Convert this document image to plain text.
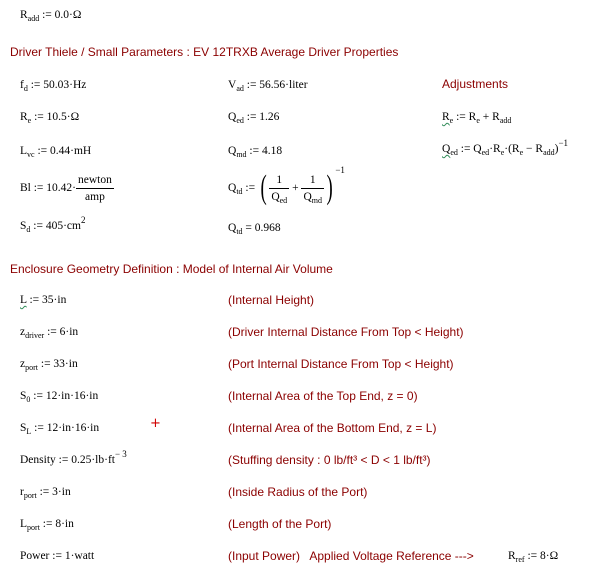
$R_{add}$ := 0.0·Ω
Driver Thiele / Small Parameters : EV 12TRXB Average Driver Properties
$f_d$ := 50.03·Hz
$R_e$ := 10.5·Ω
$L_{vc}$ := 0.44·mH
Bl := $10.42\cdot \frac{\text{newton}}{\text{amp}}$
$S_d$ := $405\cdot cm^2$
$V_{ad}$ := 56.56·liter
$Q_{ed}$ := 1.26
$Q_{md}$ := 4.18
$Q_{td}$ := ( $\frac{1}{Q_{ed}} + \frac{1}{Q_{md}}$ ) $^{-1}$
$Q_{td} = 0.968$
Adjustments
$R_e$ := $R_e + R_{add}$
$Q_{ed}$ := $Q_{ed}\cdot R_e\cdot(R_e - R_{add})^{-1}$
Enclosure Geometry Definition : Model of Internal Air Volume
L := 35·in	(Internal Height)
$z_{driver}$ := 6·in	(Driver Internal Distance From Top < Height)
$z_{port}$ := 33·in	(Port Internal Distance From Top < Height)
$S_0$ := 12·in·16·in	(Internal Area of the Top End, z = 0)
$S_L$ := 12·in·16·in	+	(Internal Area of the Bottom End, z = L)
Density := $0.25\cdot lb\cdot ft^{- 3}$	(Stuffing density : 0 lb/ft³ < D < 1 lb/ft³)
$r_{port}$ := 3·in	(Inside Radius of the Port)
$L_{port}$ := 8·in	(Length of the Port)
Power := 1·watt	(Input Power)   Applied Voltage Reference --->	$R_{ref}$ := 8·Ω
